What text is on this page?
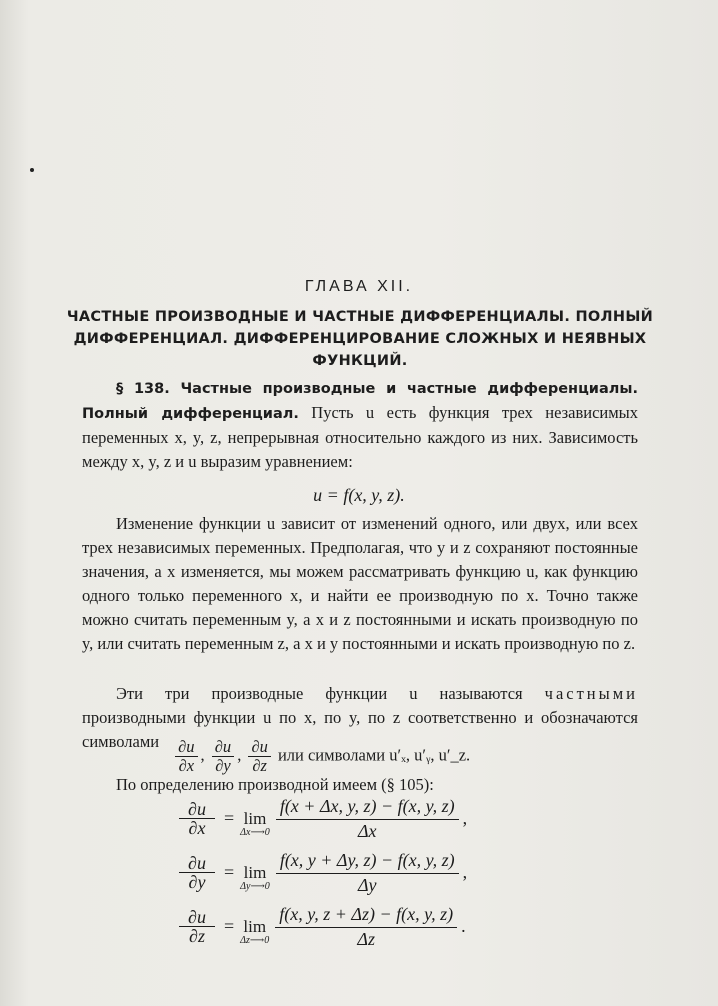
ГЛАВА XII.
ЧАСТНЫЕ ПРОИЗВОДНЫЕ И ЧАСТНЫЕ ДИФФЕРЕНЦИАЛЫ. ПОЛНЫЙ ДИФФЕРЕНЦИАЛ. ДИФФЕРЕНЦИРОВАНИЕ СЛОЖНЫХ И НЕЯВНЫХ ФУНКЦИЙ.
§ 138. Частные производные и частные дифференциалы. Полный дифференциал. Пусть u есть функция трех независимых переменных x, y, z, непрерывная относительно каждого из них. Зависимость между x, y, z и u выразим уравнением:
u = f(x, y, z).
Изменение функции u зависит от изменений одного, или двух, или всех трех независимых переменных. Предполагая, что y и z сохраняют постоянные значения, а x изменяется, мы можем рассматривать функцию u, как функцию одного только переменного x, и найти ее производную по x. Точно также можно считать переменным y, а x и z постоянными и искать производную по y, или считать переменным z, а x и y постоянными и искать производную по z.
Эти три производные функции u называются частными производными функции u по x, по y, по z соответственно и обозначаются символами
$\frac{\partial u}{\partial x}$ , $\frac{\partial u}{\partial y}$ , $\frac{\partial u}{\partial z}$ или символами u′ₓ, u′ᵧ, u′_z.
По определению производной имеем (§ 105):
$\frac{\partial u}{\partial x} = \lim$
Δx⟶0 $\frac{f(x + \Delta x, y, z) - f(x, y, z)}{\Delta x}$ ,
$\frac{\partial u}{\partial y} = \lim$
Δy⟶0 $\frac{f(x, y + \Delta y, z) - f(x, y, z)}{\Delta y}$ ,
$\frac{\partial u}{\partial z} = \lim$
Δz⟶0 $\frac{f(x, y, z + \Delta z) - f(x, y, z)}{\Delta z}$ .
